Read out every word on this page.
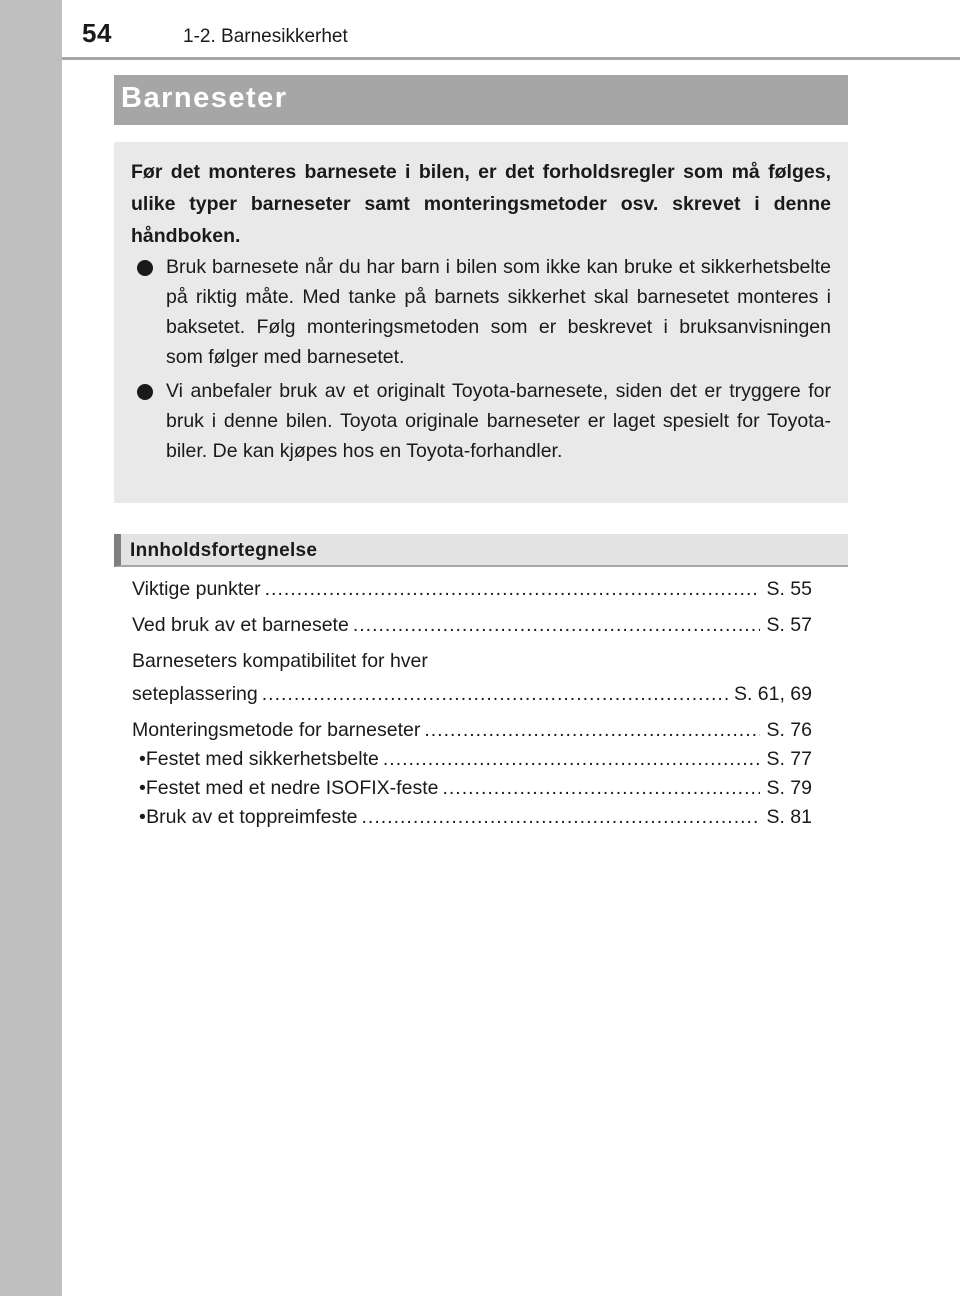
54	1-2. Barnesikkerhet
Barneseter
Før det monteres barnesete i bilen, er det forholdsregler som må følges, ulike typer barneseter samt monteringsmetoder osv. skrevet i denne håndboken.
Bruk barnesete når du har barn i bilen som ikke kan bruke et sikkerhetsbelte på riktig måte. Med tanke på barnets sikkerhet skal barnesetet monteres i baksetet. Følg monteringsmetoden som er beskrevet i bruksanvisningen som følger med barnesetet.
Vi anbefaler bruk av et originalt Toyota-barnesete, siden det er tryggere for bruk i denne bilen. Toyota originale barneseter er laget spesielt for Toyota-biler. De kan kjøpes hos en Toyota-forhandler.
Innholdsfortegnelse
Viktige punkter .....	S. 55
Ved bruk av et barnesete .....	S. 57
Barneseters kompatibilitet for hver
seteplassering .....	S. 61, 69
Monteringsmetode for barneseter .....	S. 76
• Festet med sikkerhetsbelte .....	S. 77
• Festet med et nedre ISOFIX-feste .....	S. 79
• Bruk av et toppreimfeste .....	S. 81
